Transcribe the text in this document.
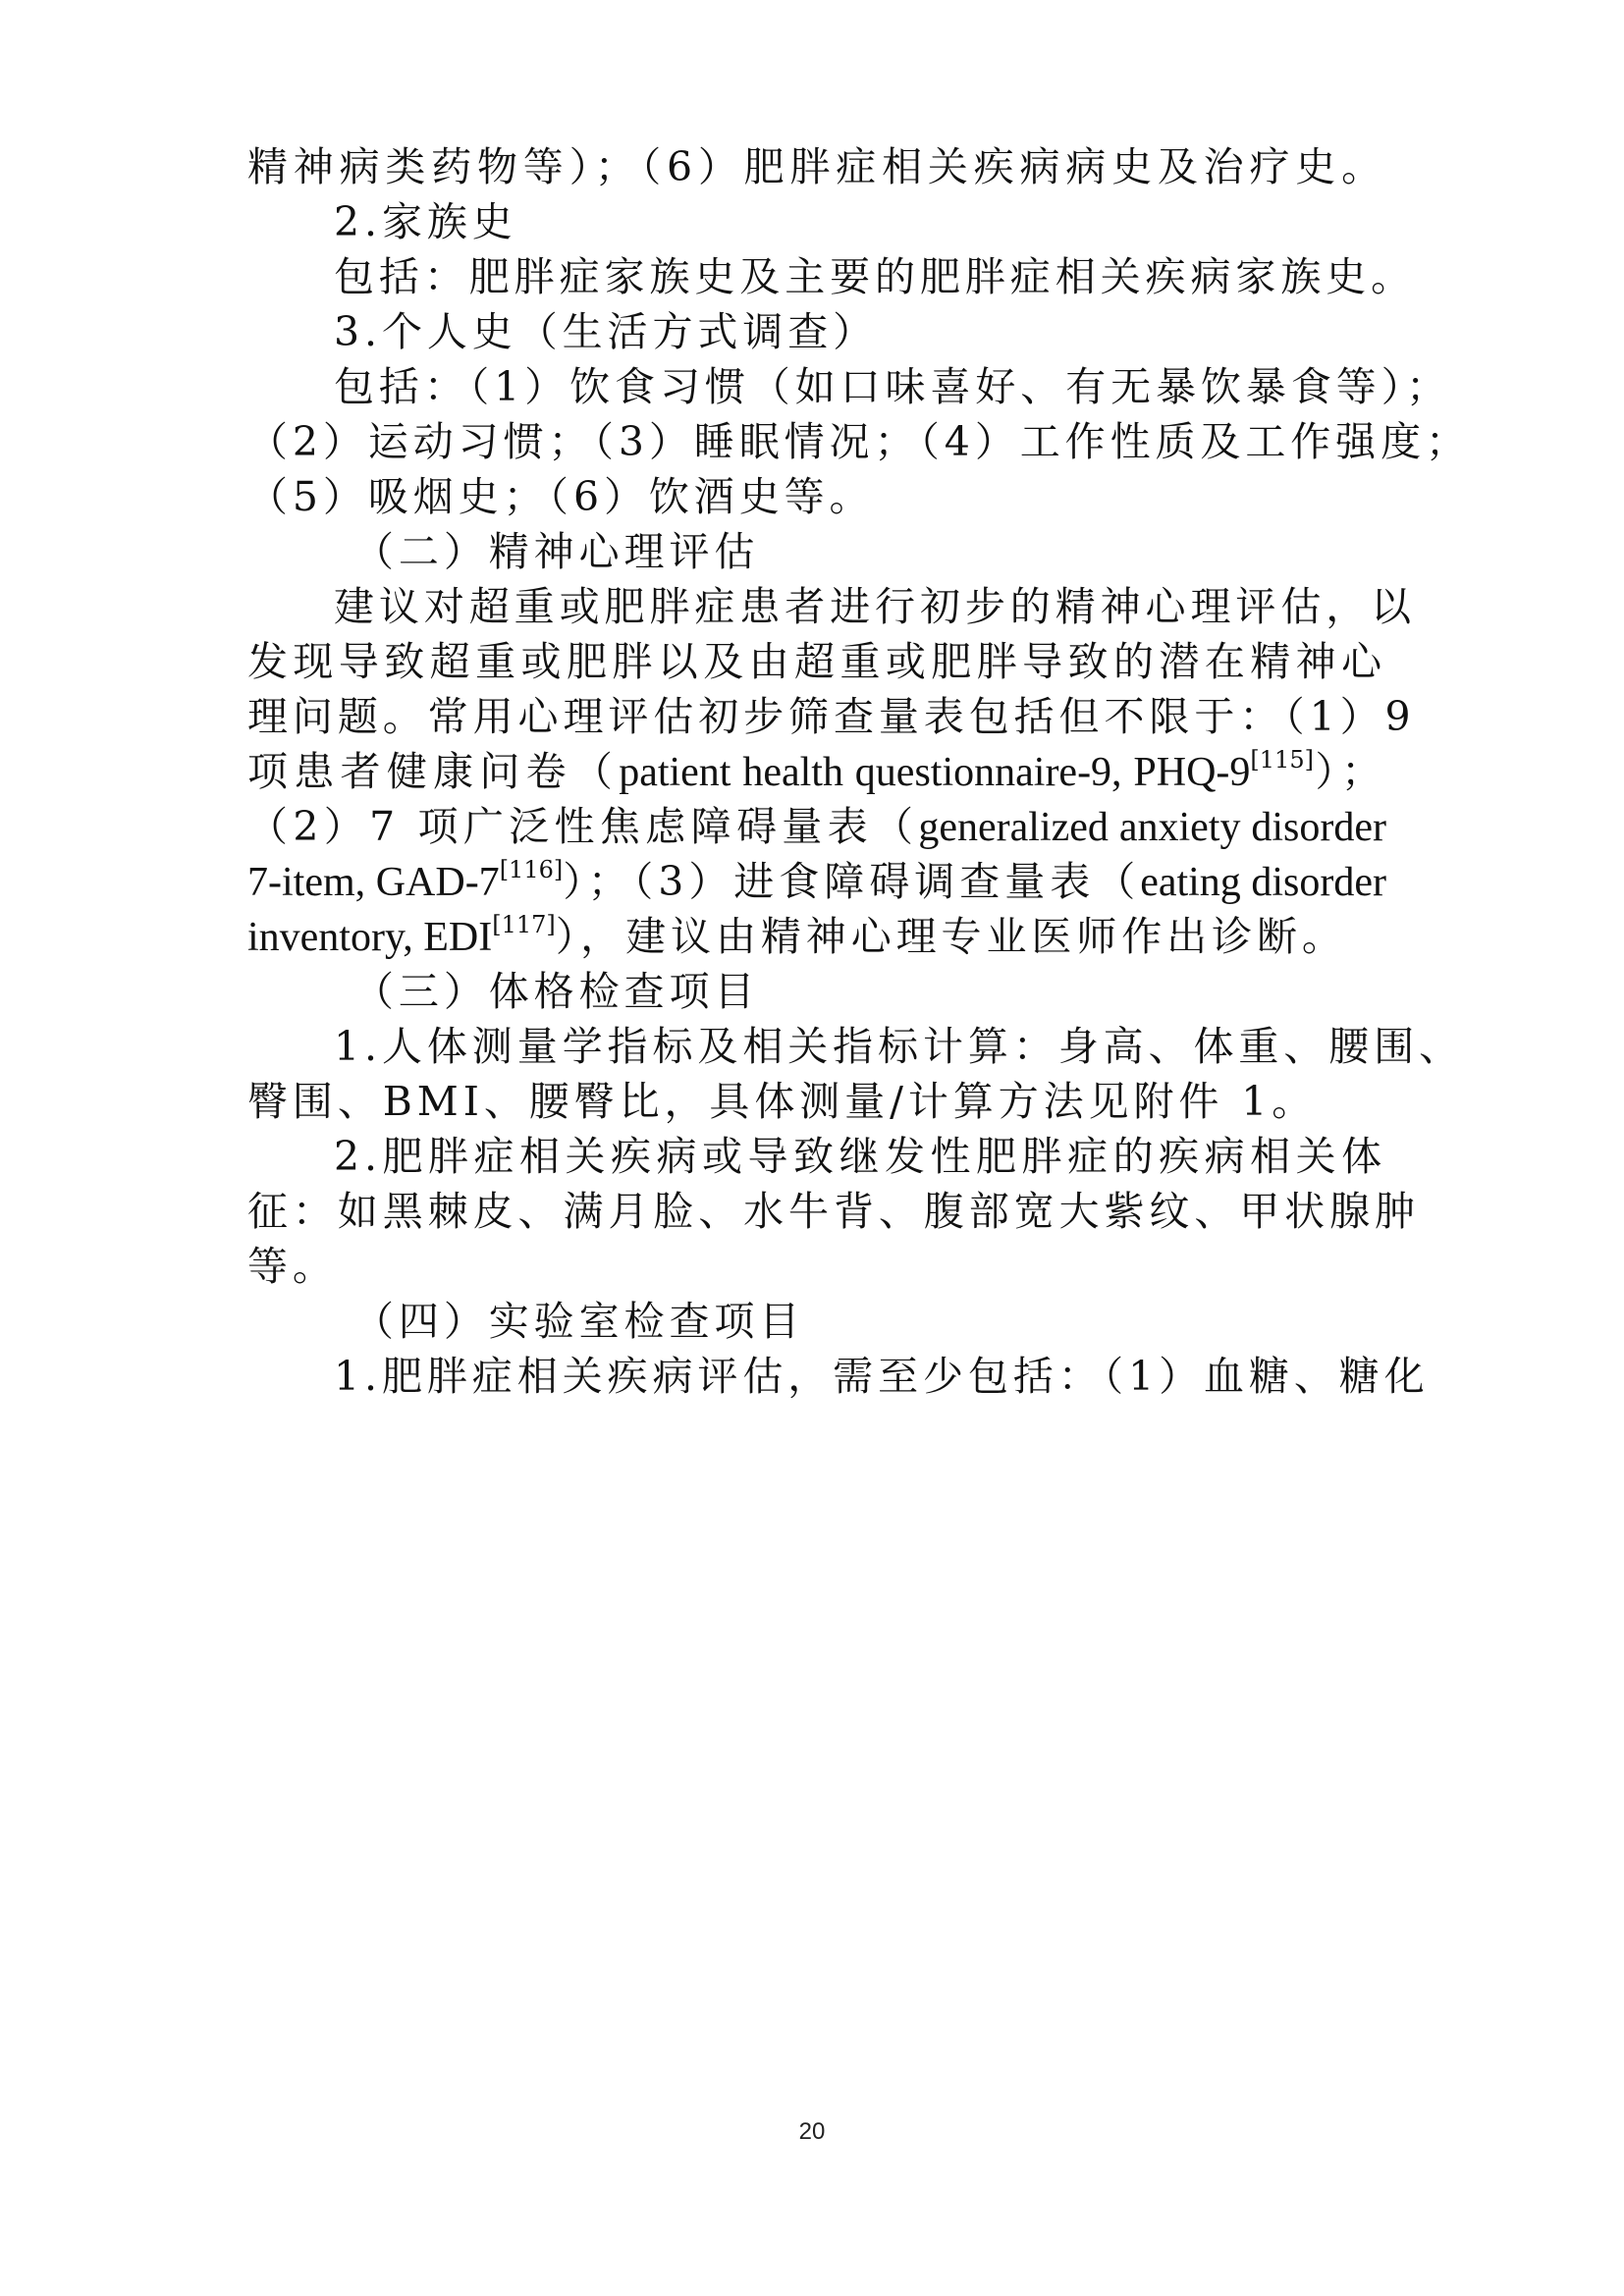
精神病类药物等）；（6）肥胖症相关疾病病史及治疗史。
2.家族史
包括：肥胖症家族史及主要的肥胖症相关疾病家族史。
3.个人史（生活方式调查）
包括：（1）饮食习惯（如口味喜好、有无暴饮暴食等）；
（2）运动习惯；（3）睡眠情况；（4）工作性质及工作强度；
（5）吸烟史；（6）饮酒史等。
（二）精神心理评估
建议对超重或肥胖症患者进行初步的精神心理评估，以
发现导致超重或肥胖以及由超重或肥胖导致的潜在精神心
理问题。常用心理评估初步筛查量表包括但不限于：（1）9
项患者健康问卷（patient health questionnaire-9, PHQ-9[115]）；
（2）7 项广泛性焦虑障碍量表（generalized anxiety disorder
7-item, GAD-7[116]）；（3）进食障碍调查量表（eating disorder
inventory, EDI[117]），建议由精神心理专业医师作出诊断。
（三）体格检查项目
1.人体测量学指标及相关指标计算：身高、体重、腰围、
臀围、BMI、腰臀比，具体测量/计算方法见附件 1。
2.肥胖症相关疾病或导致继发性肥胖症的疾病相关体
征：如黑棘皮、满月脸、水牛背、腹部宽大紫纹、甲状腺肿
等。
（四）实验室检查项目
1.肥胖症相关疾病评估，需至少包括：（1）血糖、糖化
20
